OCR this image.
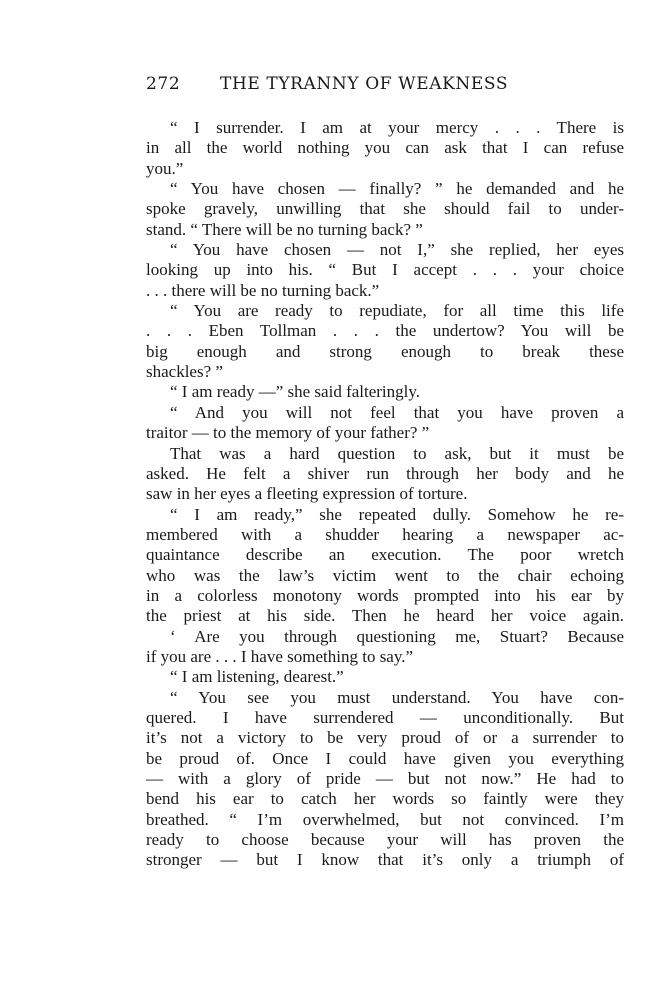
272 THE TYRANNY OF WEAKNESS
“ I surrender. I am at your mercy . . . There is
in all the world nothing you can ask that I can refuse
you.”
“ You have chosen — finally? ” he demanded and he
spoke gravely, unwilling that she should fail to under-
stand. “ There will be no turning back? ”
“ You have chosen — not I,” she replied, her eyes
looking up into his. “ But I accept . . . your choice
. . . there will be no turning back.”
“ You are ready to repudiate, for all time this life
. . . Eben Tollman . . . the undertow? You will be
big enough and strong enough to break these
shackles? ”
“ I am ready —” she said falteringly.
“ And you will not feel that you have proven a
traitor — to the memory of your father? ”
That was a hard question to ask, but it must be
asked. He felt a shiver run through her body and he
saw in her eyes a fleeting expression of torture.
“ I am ready,” she repeated dully. Somehow he re-
membered with a shudder hearing a newspaper ac-
quaintance describe an execution. The poor wretch
who was the law’s victim went to the chair echoing
in a colorless monotony words prompted into his ear by
the priest at his side. Then he heard her voice again.
‘ Are you through questioning me, Stuart? Because
if you are . . . I have something to say.”
“ I am listening, dearest.”
“ You see you must understand. You have con-
quered. I have surrendered — unconditionally. But
it’s not a victory to be very proud of or a surrender to
be proud of. Once I could have given you everything
— with a glory of pride — but not now.” He had to
bend his ear to catch her words so faintly were they
breathed. “ I’m overwhelmed, but not convinced. I’m
ready to choose because your will has proven the
stronger — but I know that it’s only a triumph of
